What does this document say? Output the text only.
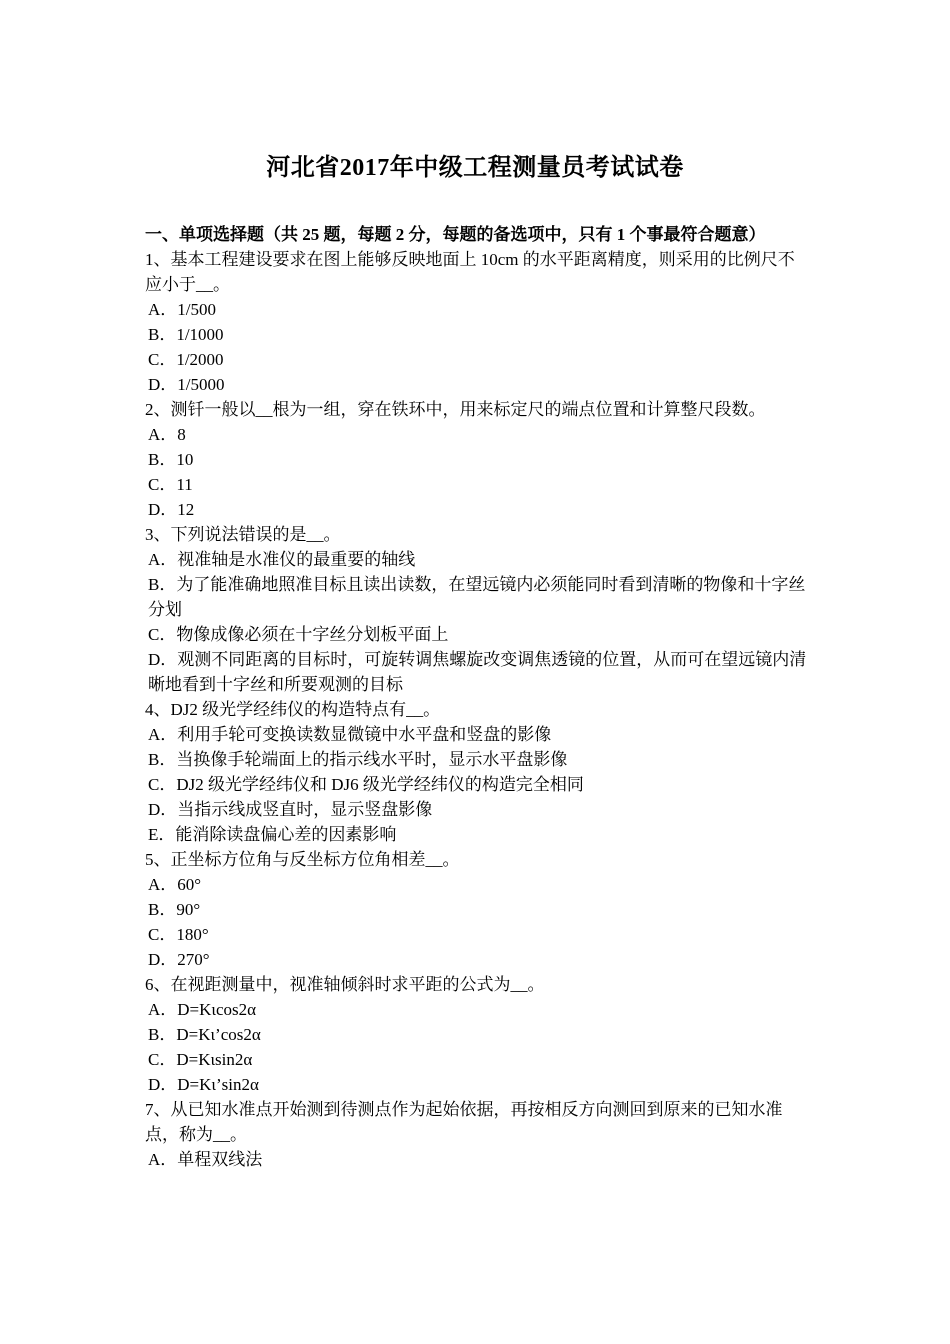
河北省2017年中级工程测量员考试试卷

一、单项选择题（共 25 题，每题 2 分，每题的备选项中，只有 1 个事最符合题意）

1、基本工程建设要求在图上能够反映地面上 10cm 的水平距离精度，则采用的比例尺不应小于__。

A．1/500

B．1/1000

C．1/2000

D．1/5000

2、测钎一般以__根为一组，穿在铁环中，用来标定尺的端点位置和计算整尺段数。

A．8

B．10

C．11

D．12

3、下列说法错误的是__。

A．视准轴是水准仪的最重要的轴线

B．为了能准确地照准目标且读出读数，在望远镜内必须能同时看到清晰的物像和十字丝分划

C．物像成像必须在十字丝分划板平面上

D．观测不同距离的目标时，可旋转调焦螺旋改变调焦透镜的位置，从而可在望远镜内清晰地看到十字丝和所要观测的目标

4、DJ2 级光学经纬仪的构造特点有__。

A．利用手轮可变换读数显微镜中水平盘和竖盘的影像

B．当换像手轮端面上的指示线水平时，显示水平盘影像

C．DJ2 级光学经纬仪和 DJ6 级光学经纬仪的构造完全相同

D．当指示线成竖直时，显示竖盘影像

E．能消除读盘偏心差的因素影响

5、正坐标方位角与反坐标方位角相差__。

A．60°

B．90°

C．180°

D．270°

6、在视距测量中，视准轴倾斜时求平距的公式为__。

A．D=Kιcos2α

B．D=Kι’cos2α

C．D=Kιsin2α

D．D=Kι’sin2α

7、从已知水准点开始测到待测点作为起始依据，再按相反方向测回到原来的已知水准点，称为__。

A．单程双线法
